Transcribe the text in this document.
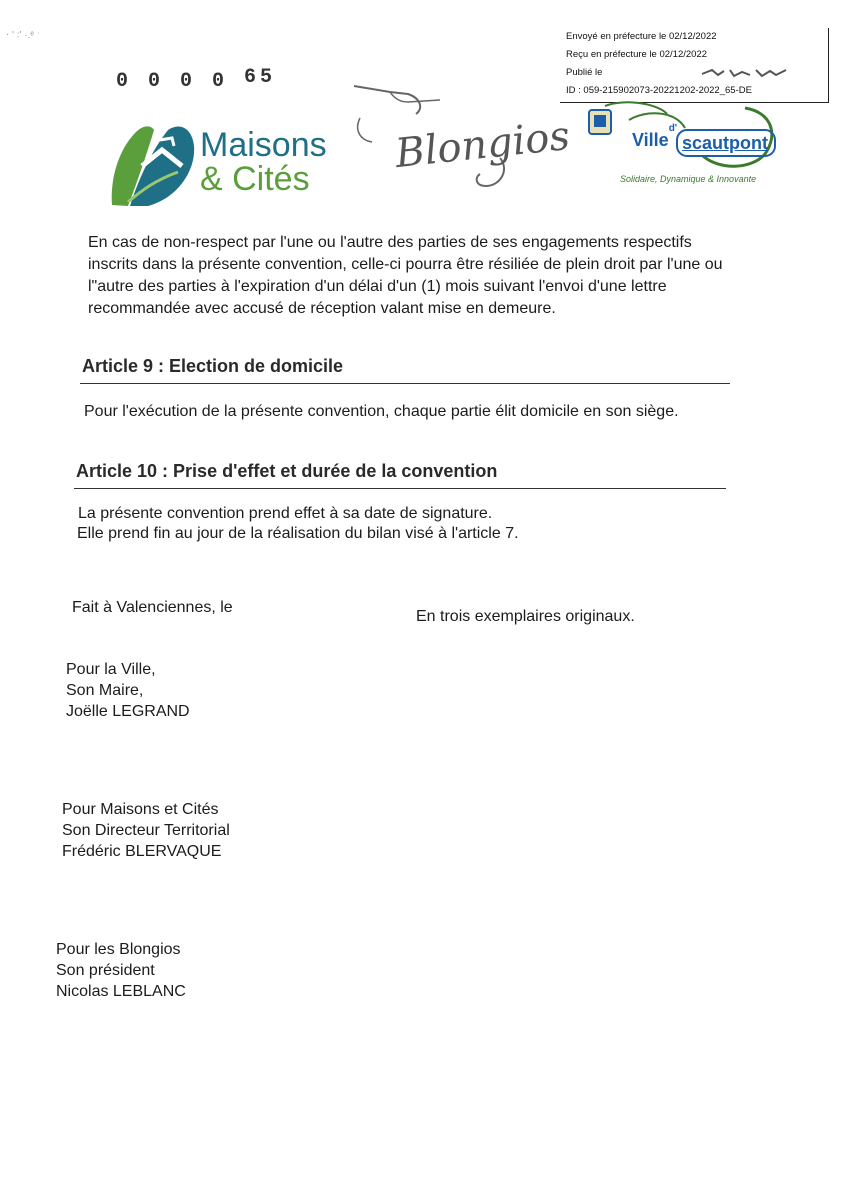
‧ ' ꞉' ·.ᵉ ˑ	Envoyé en préfecture le 02/12/2022
Reçu en préfecture le 02/12/2022
Publié le
ID : 059-215902073-20221202-2022_65-DE
0 0 0 0 65
Maisons
& Cités
Blongios	Ville$^{d'}$
scautpont
Solidaire, Dynamique & Innovante
En cas de non-respect par l'une ou l'autre des parties de ses engagements respectifs inscrits dans la présente convention, celle-ci pourra être résiliée de plein droit par l'une ou l"autre des parties à l'expiration d'un délai d'un (1) mois suivant l'envoi d'une lettre recommandée avec accusé de réception valant mise en demeure.
Article 9 : Election de domicile
Pour l'exécution de la présente convention, chaque partie élit domicile en son siège.
Article 10 : Prise d'effet et durée de la convention
La présente convention prend effet à sa date de signature.
Elle prend fin au jour de la réalisation du bilan visé à l'article 7.
Fait à Valenciennes, le
En trois exemplaires originaux.
Pour la Ville,
Son Maire,
Joëlle LEGRAND
Pour Maisons et Cités
Son Directeur Territorial
Frédéric BLERVAQUE
Pour les Blongios
Son président
Nicolas LEBLANC
